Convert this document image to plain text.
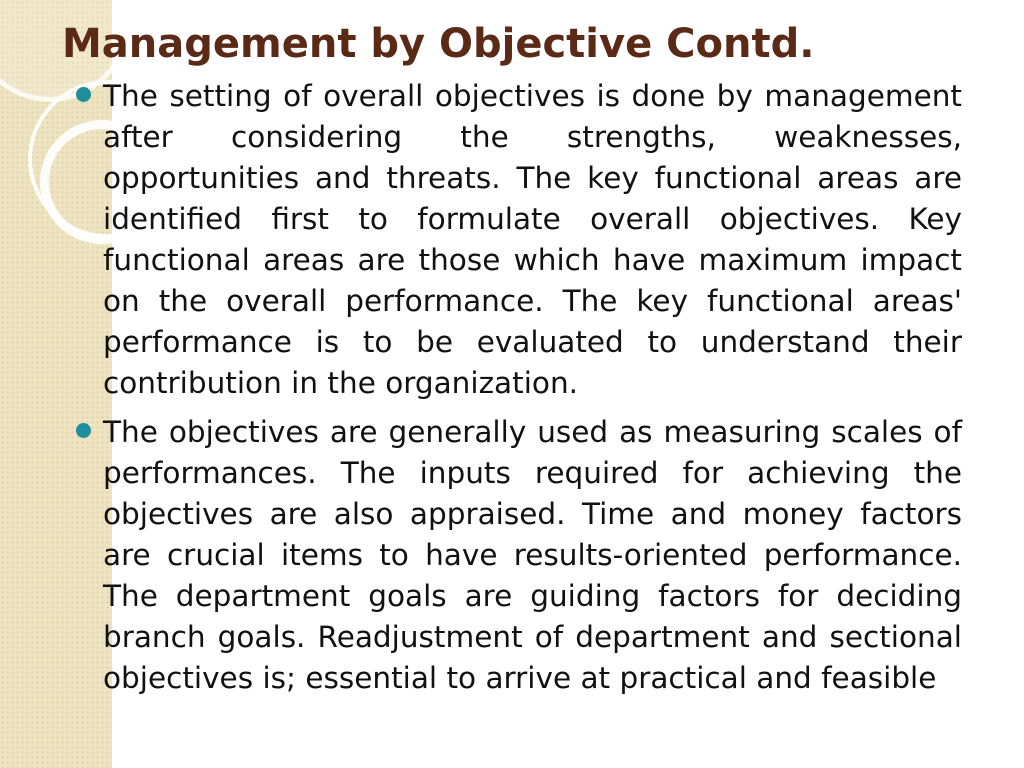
Management by Objective Contd.
The setting of overall objectives is done by management after considering the strengths, weaknesses, opportunities and threats. The key functional areas are identified first to formulate overall objectives. Key functional areas are those which have maximum impact on the overall performance. The key functional areas' performance is to be evaluated to understand their contribution in the organization.
The objectives are generally used as measuring scales of performances. The inputs required for achieving the objectives are also appraised. Time and money factors are crucial items to have results-oriented performance. The department goals are guiding factors for deciding branch goals. Readjustment of department and sectional objectives is; essential to arrive at practical and feasible
